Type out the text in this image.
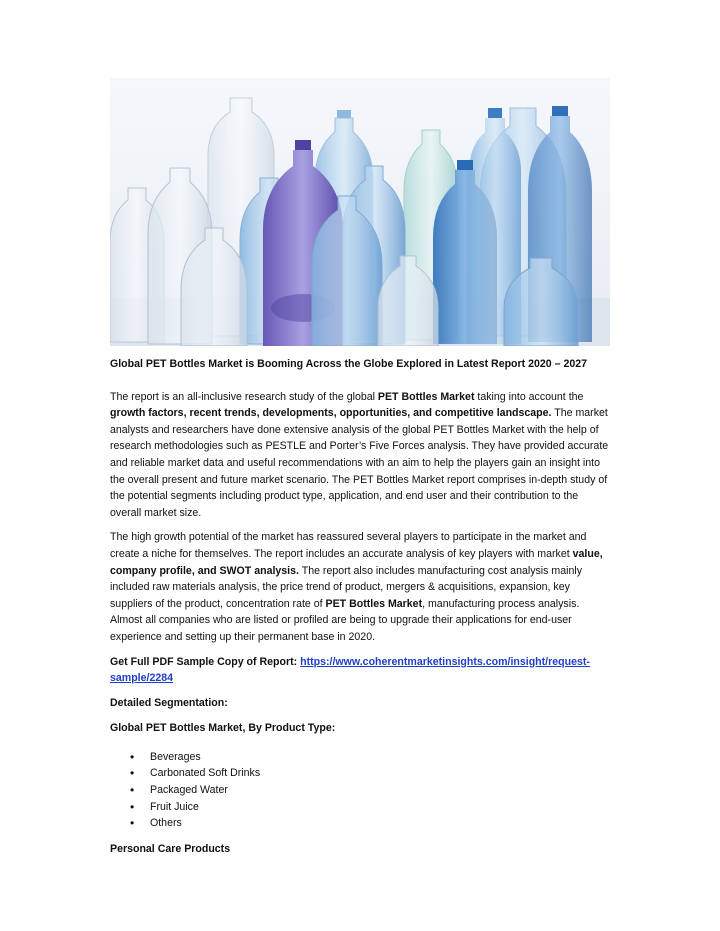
Global PET Bottles Market is Booming Across the Globe Explored in Latest Report 2020 – 2027

The report is an all-inclusive research study of the global PET Bottles Market taking into account the growth factors, recent trends, developments, opportunities, and competitive landscape. The market analysts and researchers have done extensive analysis of the global PET Bottles Market with the help of research methodologies such as PESTLE and Porter’s Five Forces analysis. They have provided accurate and reliable market data and useful recommendations with an aim to help the players gain an insight into the overall present and future market scenario. The PET Bottles Market report comprises in-depth study of the potential segments including product type, application, and end user and their contribution to the overall market size.

The high growth potential of the market has reassured several players to participate in the market and create a niche for themselves. The report includes an accurate analysis of key players with market value, company profile, and SWOT analysis. The report also includes manufacturing cost analysis mainly included raw materials analysis, the price trend of product, mergers & acquisitions, expansion, key suppliers of the product, concentration rate of PET Bottles Market, manufacturing process analysis. Almost all companies who are listed or profiled are being to upgrade their applications for end-user experience and setting up their permanent base in 2020.

Get Full PDF Sample Copy of Report: https://www.coherentmarketinsights.com/insight/request-sample/2284

Detailed Segmentation:

Global PET Bottles Market, By Product Type:

• Beverages
• Carbonated Soft Drinks
• Packaged Water
• Fruit Juice
• Others

Personal Care Products
